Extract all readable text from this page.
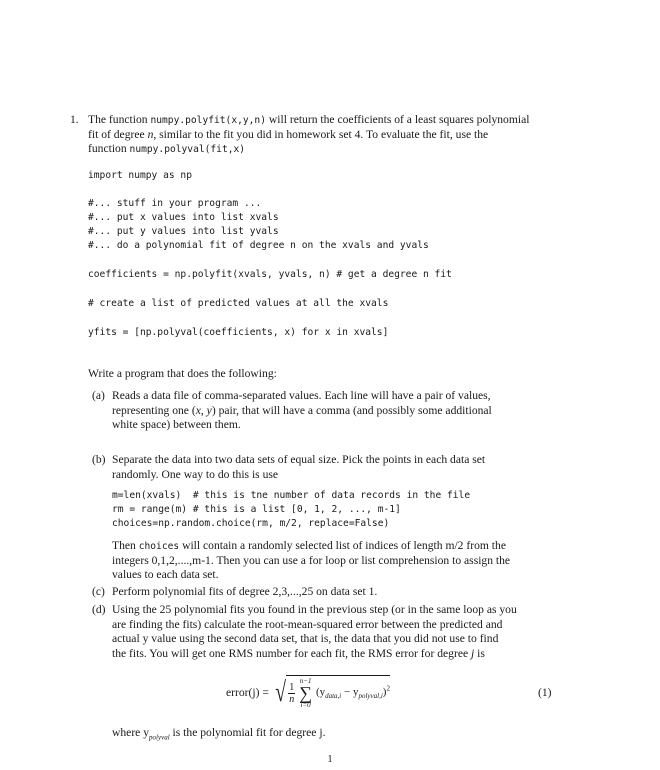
1. The function numpy.polyfit(x,y,n) will return the coefficients of a least squares polynomial
fit of degree n, similar to the fit you did in homework set 4. To evaluate the fit, use the
function numpy.polyval(fit,x)
import numpy as np
#... stuff in your program ...
#... put x values into list xvals
#... put y values into list yvals
#... do a polynomial fit of degree n on the xvals and yvals
coefficients = np.polyfit(xvals, yvals, n) # get a degree n fit
# create a list of predicted values at all the xvals
yfits = [np.polyval(coefficients, x) for x in xvals]
Write a program that does the following:
(a) Reads a data file of comma-separated values. Each line will have a pair of values,
representing one (x, y) pair, that will have a comma (and possibly some additional
white space) between them.
(b) Separate the data into two data sets of equal size. Pick the points in each data set
randomly. One way to do this is use
m=len(xvals)  # this is tne number of data records in the file
rm = range(m) # this is a list [0, 1, 2, ..., m-1]
choices=np.random.choice(rm, m/2, replace=False)
Then choices will contain a randomly selected list of indices of length m/2 from the
integers 0,1,2,....,m-1. Then you can use a for loop or list comprehension to assign the
values to each data set.
(c) Perform polynomial fits of degree 2,3,...,25 on data set 1.
(d) Using the 25 polynomial fits you found in the previous step (or in the same loop as you
are finding the fits) calculate the root-mean-squared error between the predicted and
actual y value using the second data set, that is, the data that you did not use to find
the fits. You will get one RMS number for each fit, the RMS error for degree j is
error(j) = √ $\frac{1}{n}$

n−1
∑
i=0
$(y_{data,i} - y_{polyval,i})^2$	(1)
where $y_{polyval}$ is the polynomial fit for degree j.
1
